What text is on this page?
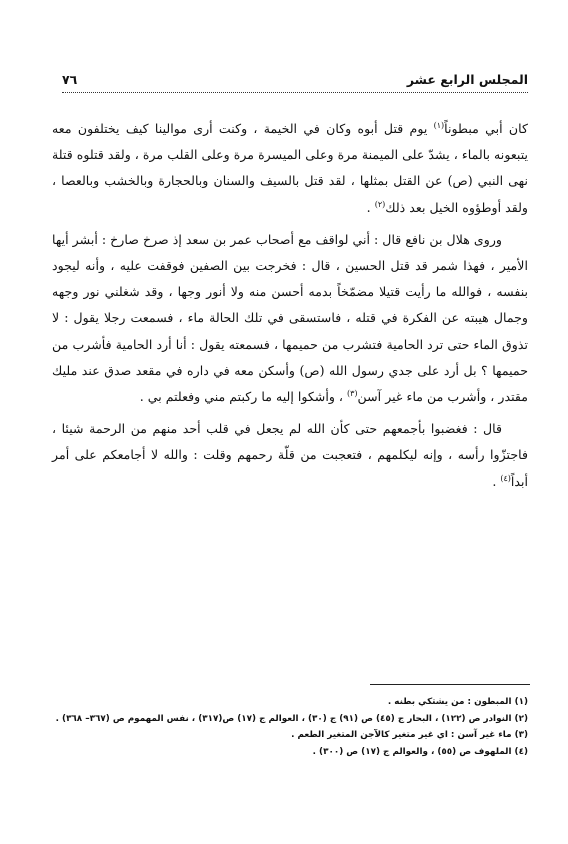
٧٦	المجلس الرابع عشر

كان أبي مبطوناً$^{(١)}$ يوم قتل أبوه وكان في الخيمة ، وكنت أرى موالينا كيف يختلفون معه يتبعونه بالماء ، يشدّ على الميمنة مرة وعلى الميسرة مرة وعلى القلب مرة ، ولقد قتلوه قتلة نهى النبي (ص) عن القتل بمثلها ، لقد قتل بالسيف والسنان وبالحجارة وبالخشب وبالعصا ، ولقد أوطؤوه الخيل بعد ذلك$^{(٢)}$ .

وروى هلال بن نافع قال : أني لواقف مع أصحاب عمر بن سعد إذ صرخ صارخ : أبشر أيها الأمير ، فهذا شمر قد قتل الحسين ، قال : فخرجت بين الصفين فوقفت عليه ، وأنه ليجود بنفسه ، فوالله ما رأيت قتيلا مضمّخاً بدمه أحسن منه ولا أنور وجها ، وقد شغلني نور وجهه وجمال هيبته عن الفكرة في قتله ، فاستسقى في تلك الحالة ماء ، فسمعت رجلا يقول : لا تذوق الماء حتى ترد الحامية فتشرب من حميمها ، فسمعته يقول : أنا أرد الحامية فأشرب من حميمها ؟ بل أرد على جدي رسول الله (ص) وأسكن معه في داره في مقعد صدق عند مليك مقتدر ، وأشرب من ماء غير آسن$^{(٣)}$ ، وأشكوا إليه ما ركبتم مني وفعلتم بي .

قال : فغضبوا بأجمعهم حتى كأن الله لم يجعل في قلب أحد منهم من الرحمة شيئا ، فاجتزّوا رأسه ، وإنه ليكلمهم ، فتعجبت من قلّة رحمهم وقلت : والله لا أجامعكم على أمر أبداً$^{(٤)}$ .

(١) المبطون : من يشتكي بطنه .

(٢) النوادر ص (١٢٢) ، البحار ج (٤٥) ص (٩١) ج (٣٠) ، العوالم ج (١٧) ص(٣١٧) ، نفس المهموم ص (٣٦٧– ٣٦٨) .

(٣) ماء غير آسن : اي غير متغير كالآجن المتغير الطعم .

(٤) الملهوف ص (٥٥) ، والعوالم ج (١٧) ص (٣٠٠) .
